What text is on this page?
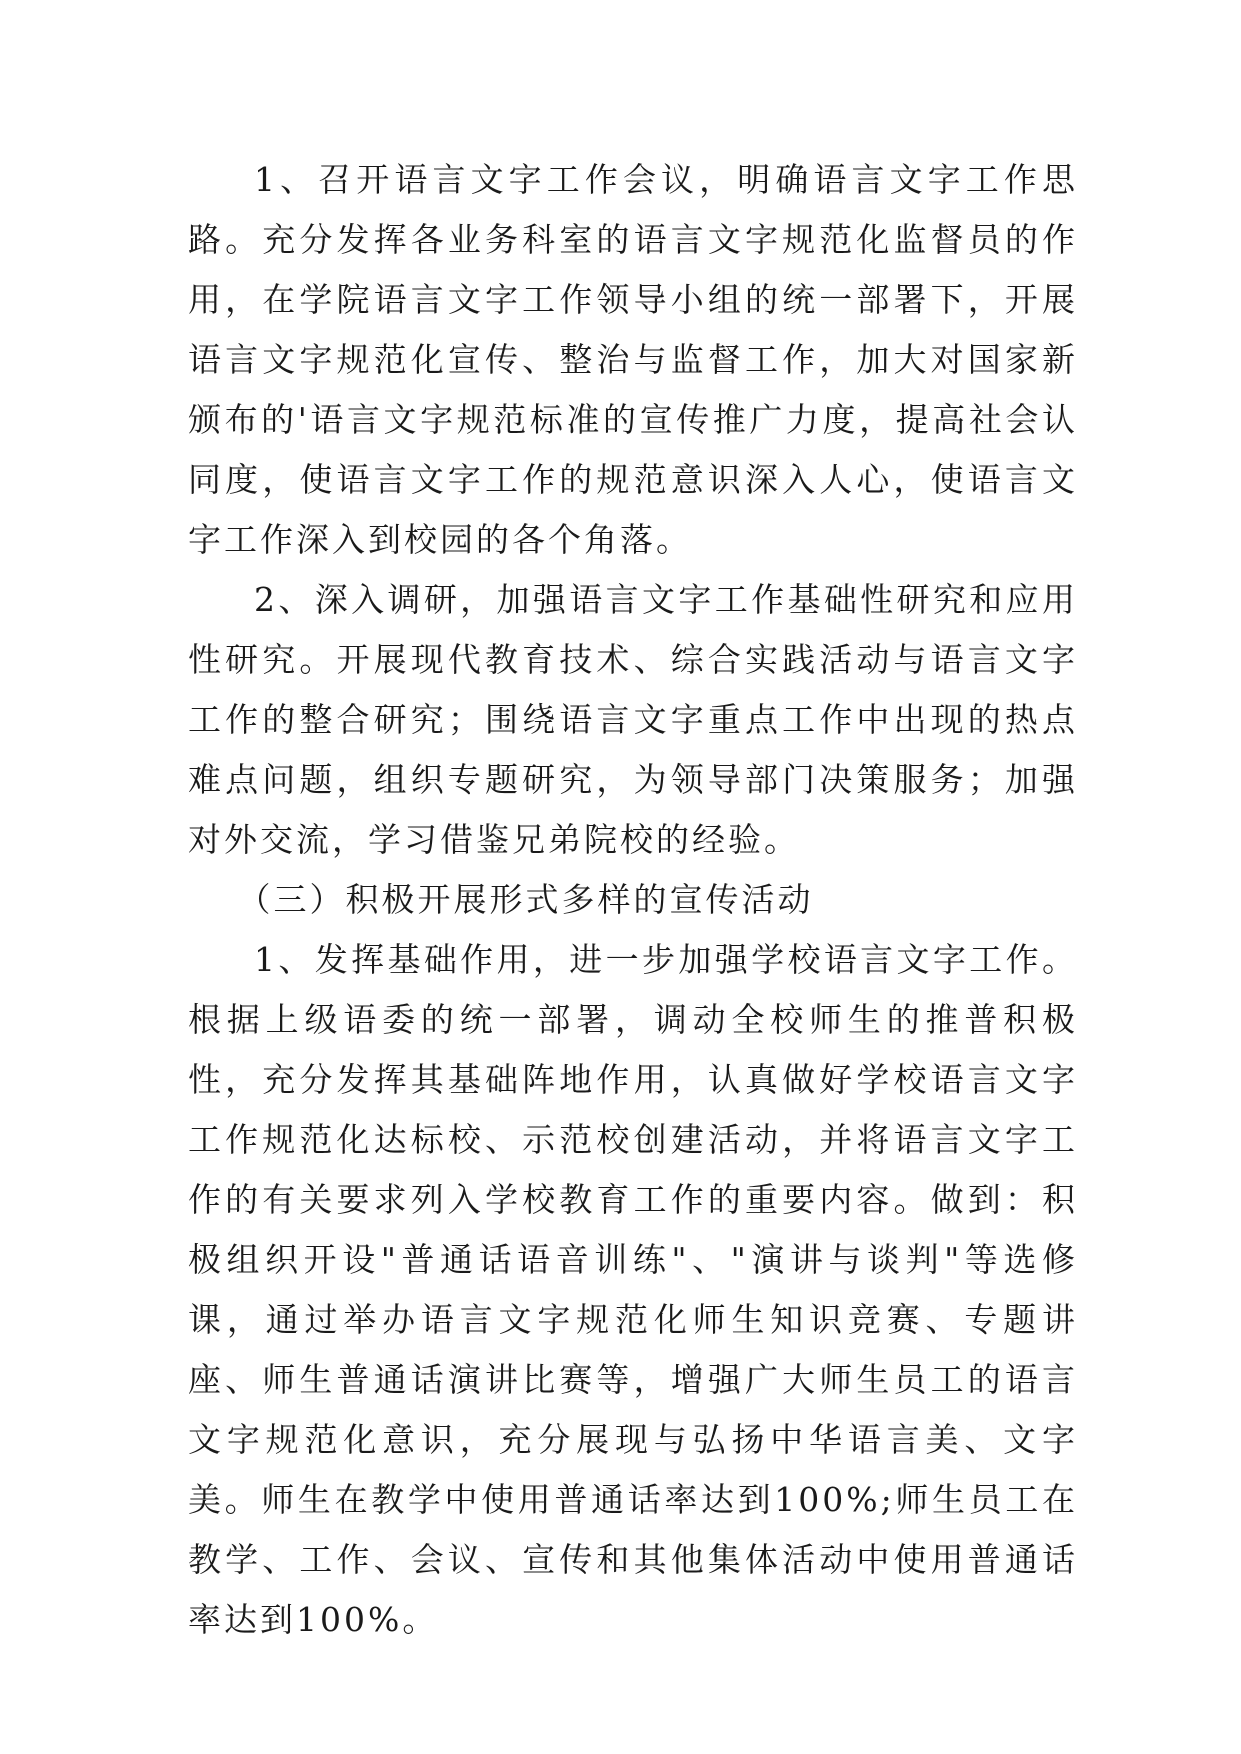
1、召开语言文字工作会议，明确语言文字工作思路。充分发挥各业务科室的语言文字规范化监督员的作用，在学院语言文字工作领导小组的统一部署下，开展语言文字规范化宣传、整治与监督工作，加大对国家新颁布的'语言文字规范标准的宣传推广力度，提高社会认同度，使语言文字工作的规范意识深入人心，使语言文字工作深入到校园的各个角落。

2、深入调研，加强语言文字工作基础性研究和应用性研究。开展现代教育技术、综合实践活动与语言文字工作的整合研究；围绕语言文字重点工作中出现的热点难点问题，组织专题研究，为领导部门决策服务；加强对外交流，学习借鉴兄弟院校的经验。

（三）积极开展形式多样的宣传活动

1、发挥基础作用，进一步加强学校语言文字工作。根据上级语委的统一部署，调动全校师生的推普积极性，充分发挥其基础阵地作用，认真做好学校语言文字工作规范化达标校、示范校创建活动，并将语言文字工作的有关要求列入学校教育工作的重要内容。做到：积极组织开设"普通话语音训练"、"演讲与谈判"等选修课，通过举办语言文字规范化师生知识竞赛、专题讲座、师生普通话演讲比赛等，增强广大师生员工的语言文字规范化意识，充分展现与弘扬中华语言美、文字美。师生在教学中使用普通话率达到100%;师生员工在教学、工作、会议、宣传和其他集体活动中使用普通话率达到100%。
